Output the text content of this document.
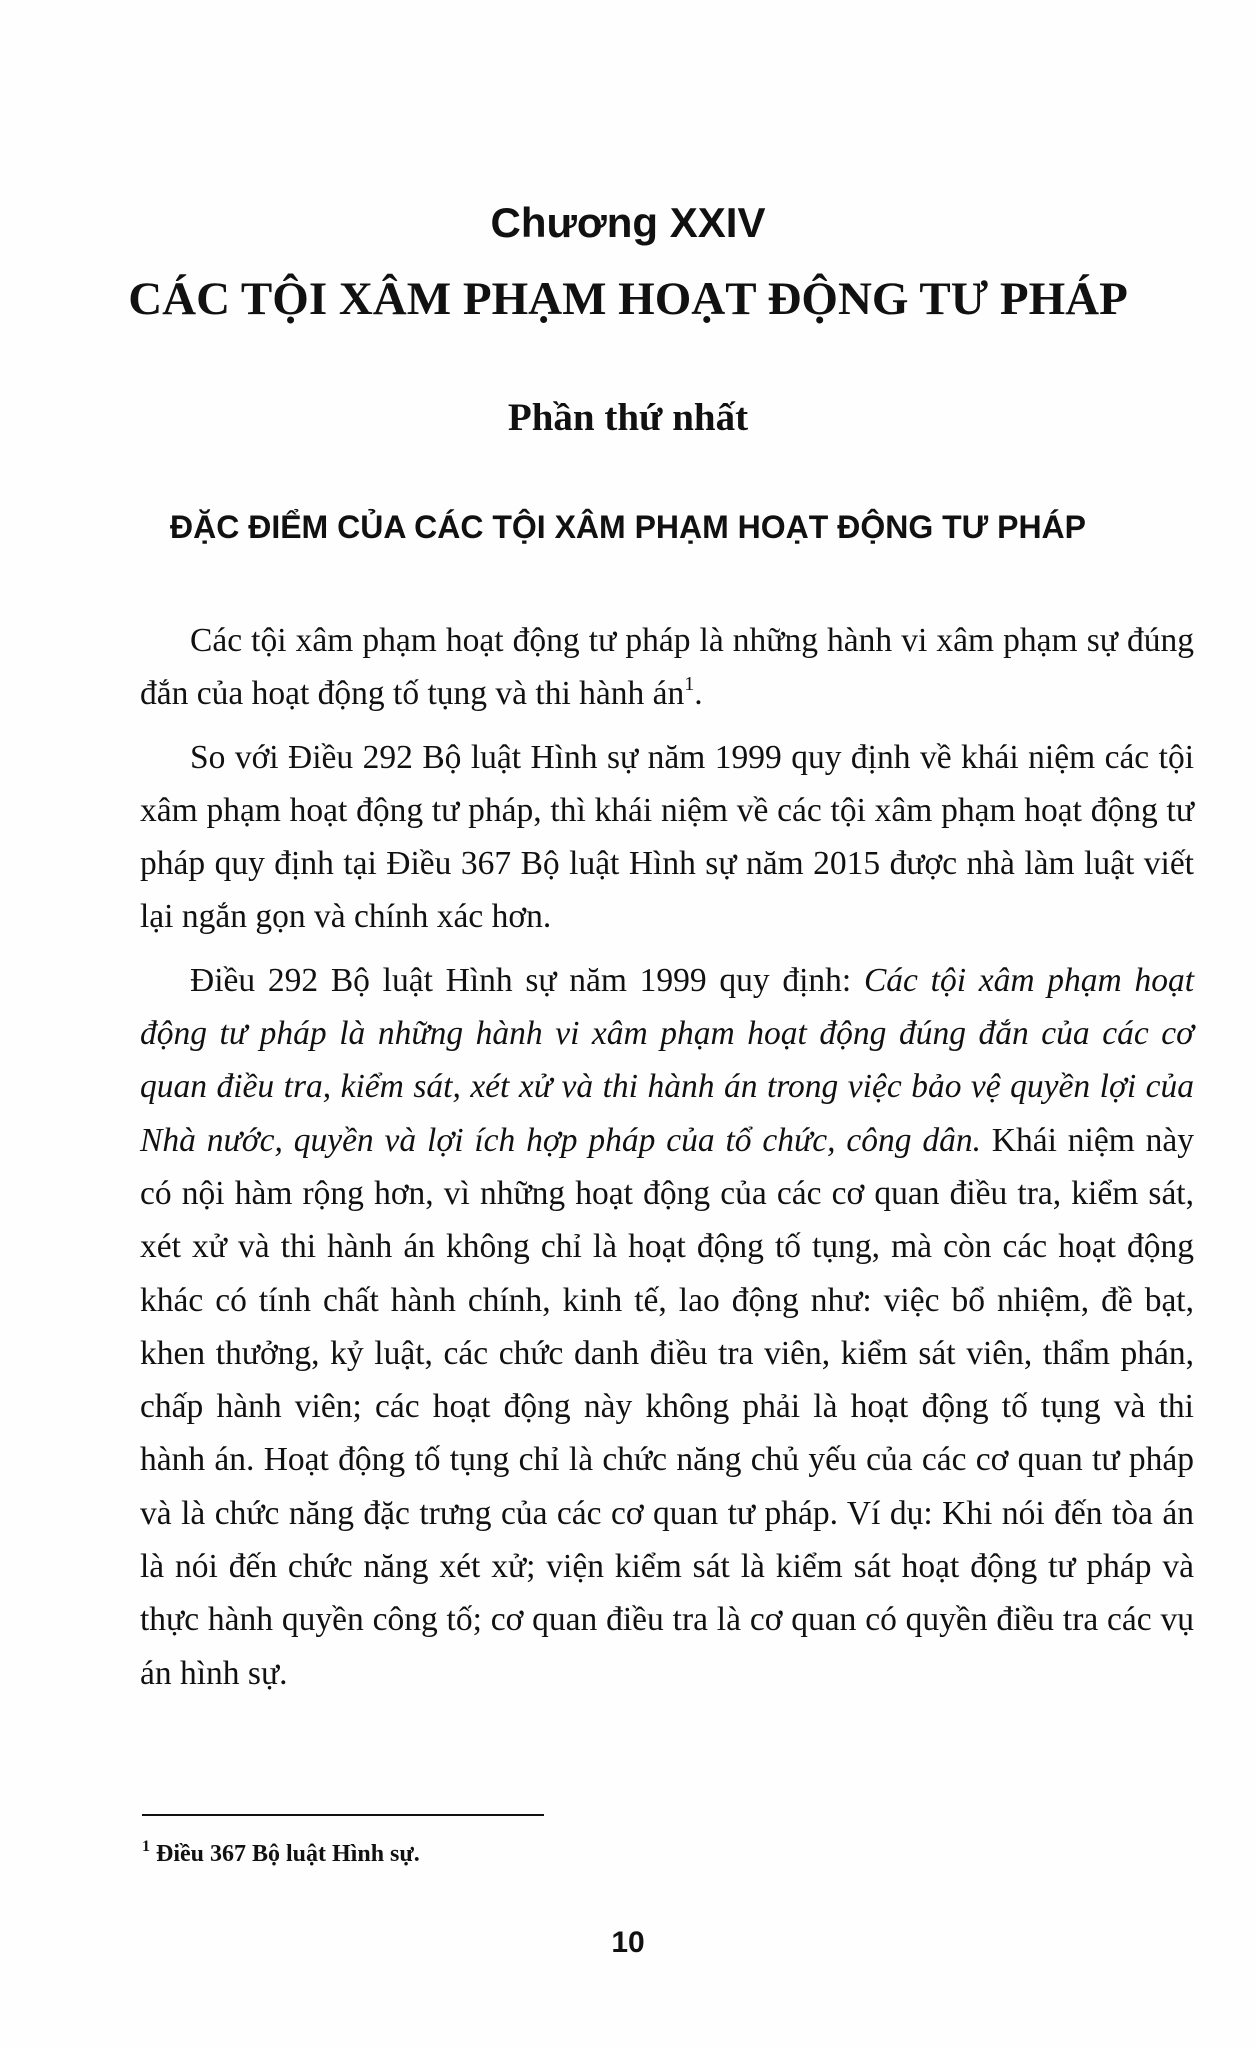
Chương XXIV
CÁC TỘI XÂM PHẠM HOẠT ĐỘNG TƯ PHÁP
Phần thứ nhất
ĐẶC ĐIỂM CỦA CÁC TỘI XÂM PHẠM HOẠT ĐỘNG TƯ PHÁP

Các tội xâm phạm hoạt động tư pháp là những hành vi xâm phạm sự đúng đắn của hoạt động tố tụng và thi hành $án^1$.

So với Điều 292 Bộ luật Hình sự năm 1999 quy định về khái niệm các tội xâm phạm hoạt động tư pháp, thì khái niệm về các tội xâm phạm hoạt động tư pháp quy định tại Điều 367 Bộ luật Hình sự năm 2015 được nhà làm luật viết lại ngắn gọn và chính xác hơn.

Điều 292 Bộ luật Hình sự năm 1999 quy định: Các tội xâm phạm hoạt động tư pháp là những hành vi xâm phạm hoạt động đúng đắn của các cơ quan điều tra, kiểm sát, xét xử và thi hành án trong việc bảo vệ quyền lợi của Nhà nước, quyền và lợi ích hợp pháp của tổ chức, công dân. Khái niệm này có nội hàm rộng hơn, vì những hoạt động của các cơ quan điều tra, kiểm sát, xét xử và thi hành án không chỉ là hoạt động tố tụng, mà còn các hoạt động khác có tính chất hành chính, kinh tế, lao động như: việc bổ nhiệm, đề bạt, khen thưởng, kỷ luật, các chức danh điều tra viên, kiểm sát viên, thẩm phán, chấp hành viên; các hoạt động này không phải là hoạt động tố tụng và thi hành án. Hoạt động tố tụng chỉ là chức năng chủ yếu của các cơ quan tư pháp và là chức năng đặc trưng của các cơ quan tư pháp. Ví dụ: Khi nói đến tòa án là nói đến chức năng xét xử; viện kiểm sát là kiểm sát hoạt động tư pháp và thực hành quyền công tố; cơ quan điều tra là cơ quan có quyền điều tra các vụ án hình sự.

$^1$ Điều 367 Bộ luật Hình sự.
10
